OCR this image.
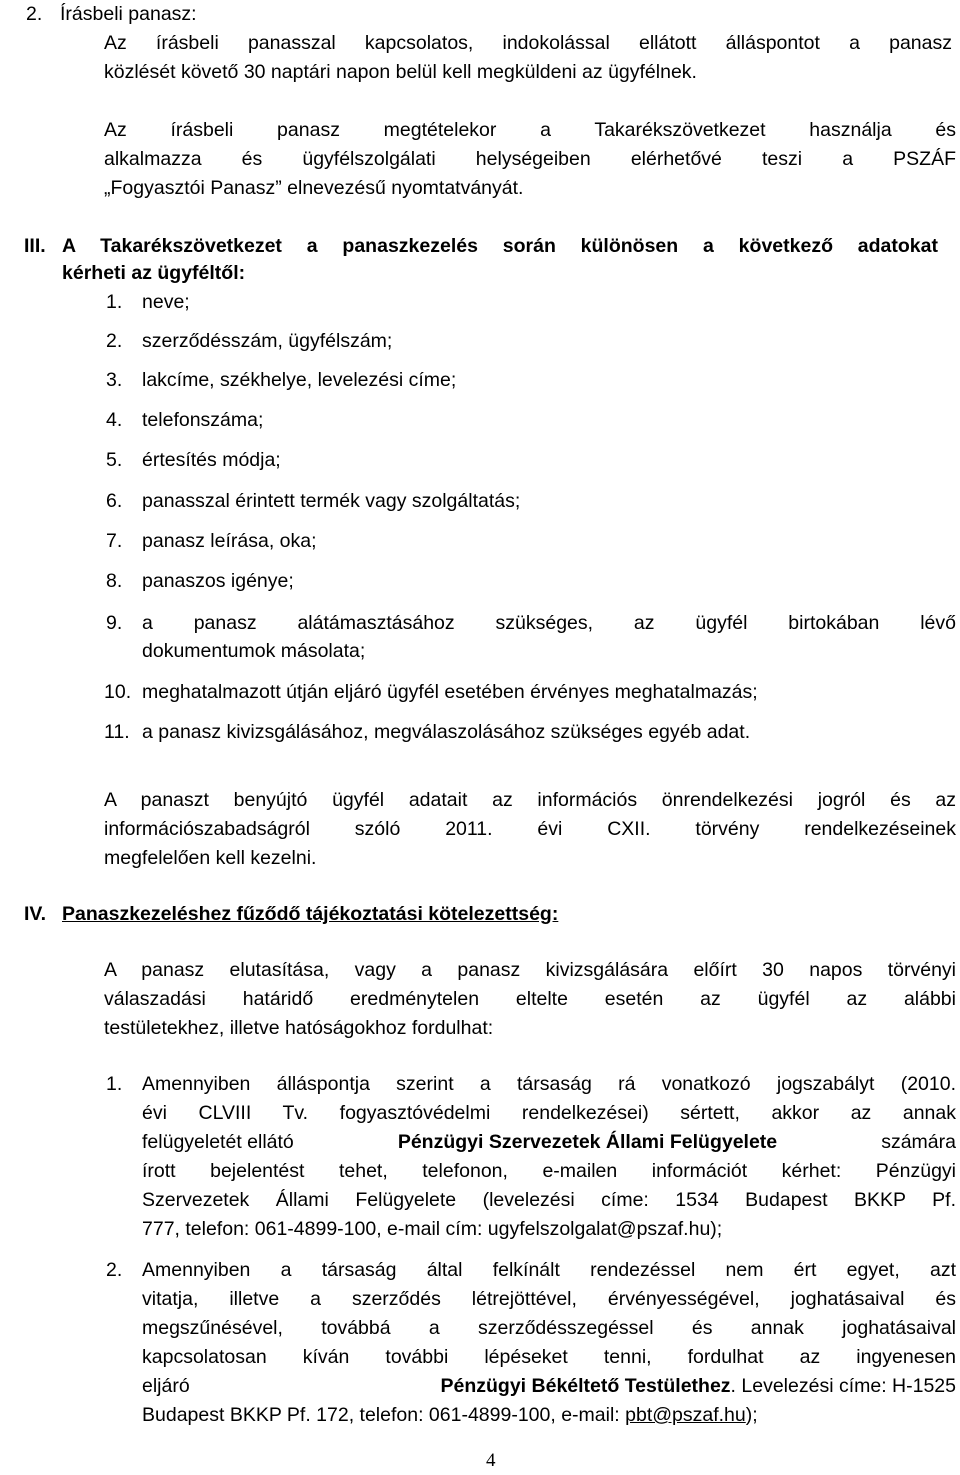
2. Írásbeli panasz:
Az írásbeli panasszal kapcsolatos, indokolással ellátott álláspontot a panasz
közlését követő 30 naptári napon belül kell megküldeni az ügyfélnek.
Az írásbeli panasz megtételekor a Takarékszövetkezet használja és
alkalmazza és ügyfélszolgálati helységeiben elérhetővé teszi a PSZÁF
„Fogyasztói Panasz” elnevezésű nyomtatványát.
III. A Takarékszövetkezet a panaszkezelés során különösen a következő adatokat
kérheti az ügyféltől:
1. neve;
2. szerződésszám, ügyfélszám;
3. lakcíme, székhelye, levelezési címe;
4. telefonszáma;
5. értesítés módja;
6. panasszal érintett termék vagy szolgáltatás;
7. panasz leírása, oka;
8. panaszos igénye;
9. a panasz alátámasztásához szükséges, az ügyfél birtokában lévő
dokumentumok másolata;
10. meghatalmazott útján eljáró ügyfél esetében érvényes meghatalmazás;
11. a panasz kivizsgálásához, megválaszolásához szükséges egyéb adat.
A panaszt benyújtó ügyfél adatait az információs önrendelkezési jogról és az
információszabadságról szóló 2011. évi CXII. törvény rendelkezéseinek
megfelelően kell kezelni.
IV. Panaszkezeléshez fűződő tájékoztatási kötelezettség:
A panasz elutasítása, vagy a panasz kivizsgálására előírt 30 napos törvényi
válaszadási határidő eredménytelen eltelte esetén az ügyfél az alábbi
testületekhez, illetve hatóságokhoz fordulhat:
1. Amennyiben álláspontja szerint a társaság rá vonatkozó jogszabályt (2010.
évi CLVIII Tv. fogyasztóvédelmi rendelkezései) sértett, akkor az annak
felügyeletét ellátó	Pénzügyi Szervezetek Állami Felügyelete	számára
írott bejelentést tehet, telefonon, e-mailen információt kérhet: Pénzügyi
Szervezetek Állami Felügyelete (levelezési címe: 1534 Budapest BKKP Pf.
777, telefon: 061-4899-100, e-mail cím: ugyfelszolgalat@pszaf.hu);
2. Amennyiben a társaság által felkínált rendezéssel nem ért egyet, azt
vitatja, illetve a szerződés létrejöttével, érvényességével, joghatásaival és
megszűnésével, továbbá a szerződésszegéssel és annak joghatásaival
kapcsolatosan kíván további lépéseket tenni, fordulhat az ingyenesen
eljáró	Pénzügyi Békéltető Testülethez. Levelezési címe: H-1525
Budapest BKKP Pf. 172, telefon: 061-4899-100, e-mail: pbt@pszaf.hu);
4
